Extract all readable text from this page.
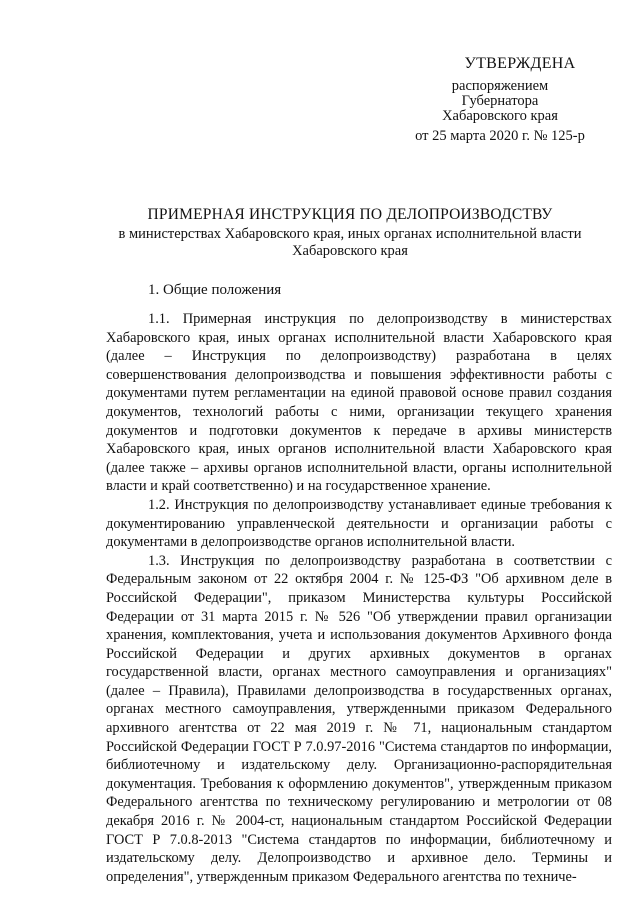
УТВЕРЖДЕНА
распоряжением
Губернатора
Хабаровского края
от 25 марта 2020 г. № 125-р
ПРИМЕРНАЯ ИНСТРУКЦИЯ ПО ДЕЛОПРОИЗВОДСТВУ
в министерствах Хабаровского края, иных органах исполнительной власти
Хабаровского края
1. Общие положения

1.1. Примерная инструкция по делопроизводству в министерствах Хабаровского края, иных органах исполнительной власти Хабаровского края (далее – Инструкция по делопроизводству) разработана в целях совершенствования делопроизводства и повышения эффективности работы с документами путем регламентации на единой правовой основе правил создания документов, технологий работы с ними, организации текущего хранения документов и подготовки документов к передаче в архивы министерств Хабаровского края, иных органов исполнительной власти Хабаровского края (далее также – архивы органов исполнительной власти, органы исполнительной власти и край соответственно) и на государственное хранение.

1.2. Инструкция по делопроизводству устанавливает единые требования к документированию управленческой деятельности и организации работы с документами в делопроизводстве органов исполнительной власти.

1.3. Инструкция по делопроизводству разработана в соответствии с Федеральным законом от 22 октября 2004 г. № 125-ФЗ "Об архивном деле в Российской Федерации", приказом Министерства культуры Российской Федерации от 31 марта 2015 г. № 526 "Об утверждении правил организации хранения, комплектования, учета и использования документов Архивного фонда Российской Федерации и других архивных документов в органах государственной власти, органах местного самоуправления и организациях" (далее – Правила), Правилами делопроизводства в государственных органах, органах местного самоуправления, утвержденными приказом Федерального архивного агентства от 22 мая 2019 г. № 71, национальным стандартом Российской Федерации ГОСТ Р 7.0.97-2016 "Система стандартов по информации, библиотечному и издательскому делу. Организационно-распорядительная документация. Требования к оформлению документов", утвержденным приказом Федерального агентства по техническому регулированию и метрологии от 08 декабря 2016 г. № 2004-ст, национальным стандартом Российской Федерации ГОСТ Р 7.0.8-2013 "Система стандартов по информации, библиотечному и издательскому делу. Делопроизводство и архивное дело. Термины и определения", утвержденным приказом Федерального агентства по техниче-
